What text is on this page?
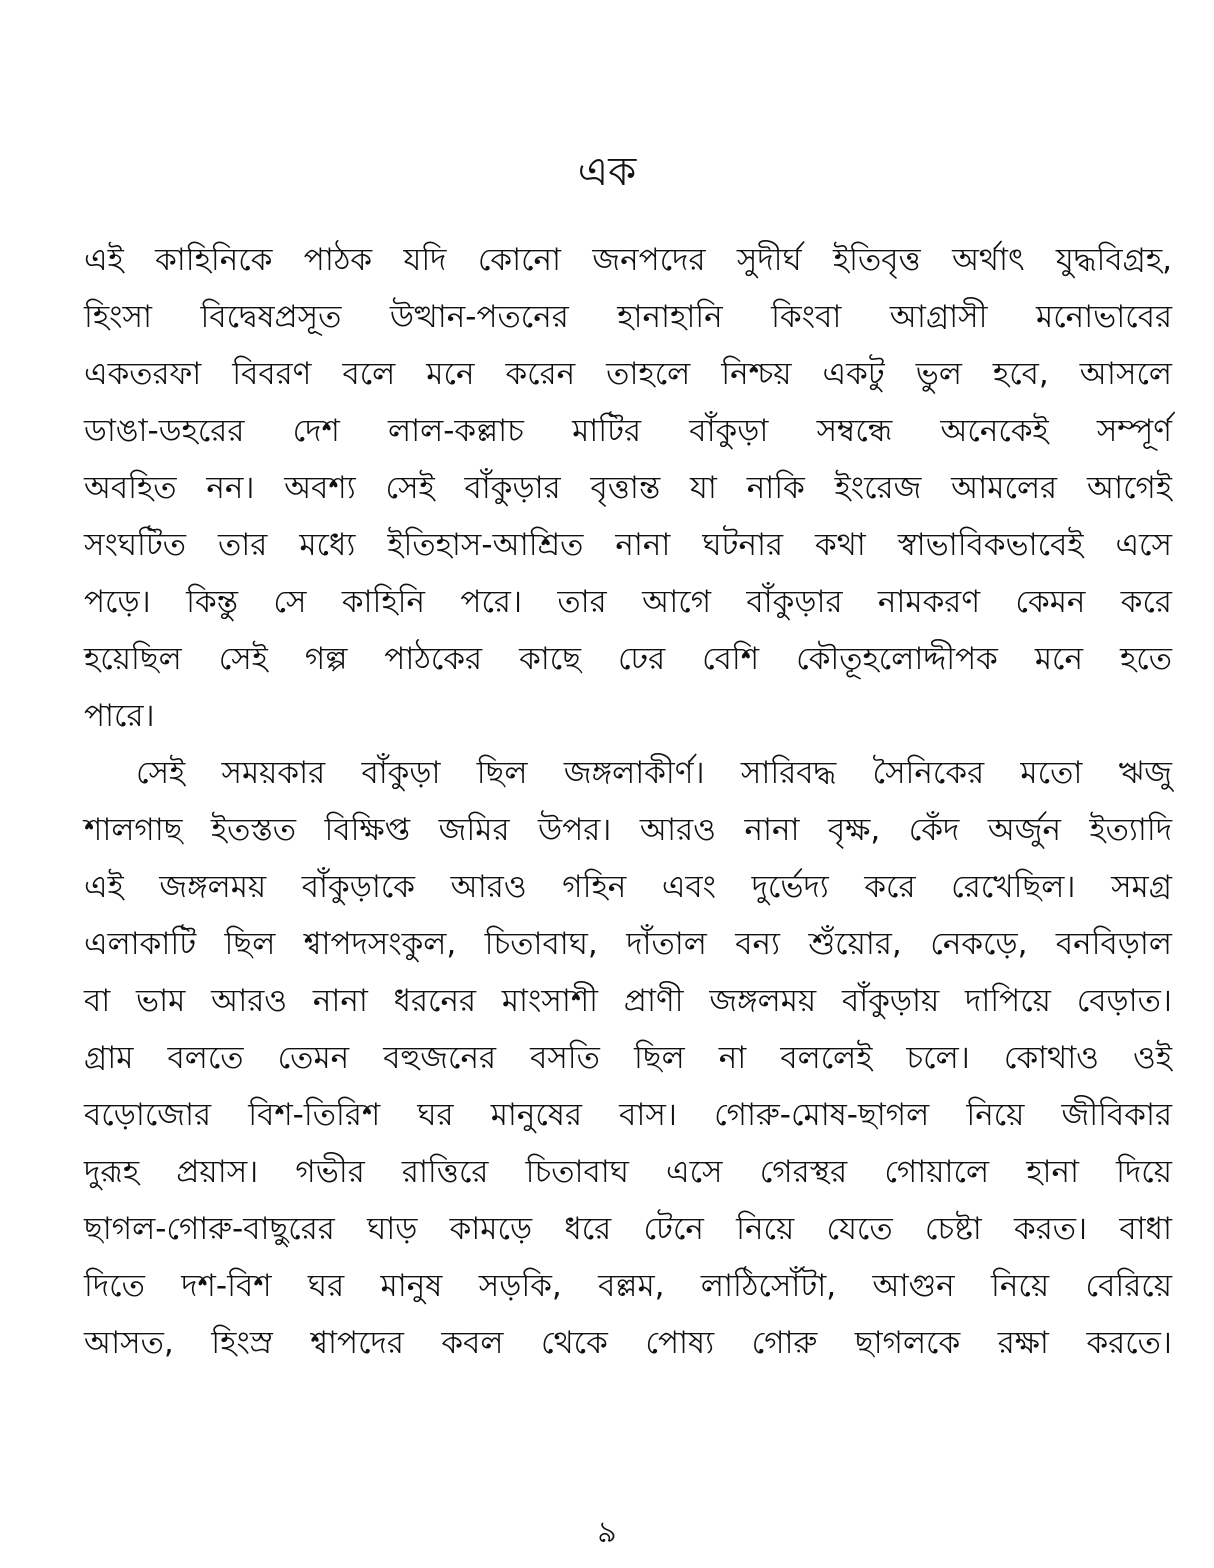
এক
এই কাহিনিকে পাঠক যদি কোনো জনপদের সুদীর্ঘ ইতিবৃত্ত অর্থাৎ যুদ্ধবিগ্রহ,
হিংসা বিদ্বেষপ্রসূত উত্থান-পতনের হানাহানি কিংবা আগ্রাসী মনোভাবের
একতরফা বিবরণ বলে মনে করেন তাহলে নিশ্চয় একটু ভুল হবে, আসলে
ডাঙা-ডহরের দেশ লাল-কল্লাচ মাটির বাঁকুড়া সম্বন্ধে অনেকেই সম্পূর্ণ
অবহিত নন। অবশ্য সেই বাঁকুড়ার বৃত্তান্ত যা নাকি ইংরেজ আমলের আগেই
সংঘটিত তার মধ্যে ইতিহাস-আশ্রিত নানা ঘটনার কথা স্বাভাবিকভাবেই এসে
পড়ে। কিন্তু সে কাহিনি পরে। তার আগে বাঁকুড়ার নামকরণ কেমন করে
হয়েছিল সেই গল্প পাঠকের কাছে ঢের বেশি কৌতূহলোদ্দীপক মনে হতে
পারে।
সেই সময়কার বাঁকুড়া ছিল জঙ্গলাকীর্ণ। সারিবদ্ধ সৈনিকের মতো ঋজু
শালগাছ ইতস্তত বিক্ষিপ্ত জমির উপর। আরও নানা বৃক্ষ, কেঁদ অর্জুন ইত্যাদি
এই জঙ্গলময় বাঁকুড়াকে আরও গহিন এবং দুর্ভেদ্য করে রেখেছিল। সমগ্র
এলাকাটি ছিল শ্বাপদসংকুল, চিতাবাঘ, দাঁতাল বন্য শুঁয়োর, নেকড়ে, বনবিড়াল
বা ভাম আরও নানা ধরনের মাংসাশী প্রাণী জঙ্গলময় বাঁকুড়ায় দাপিয়ে বেড়াত।
গ্রাম বলতে তেমন বহুজনের বসতি ছিল না বললেই চলে। কোথাও ওই
বড়োজোর বিশ-তিরিশ ঘর মানুষের বাস। গোরু-মোষ-ছাগল নিয়ে জীবিকার
দুরূহ প্রয়াস। গভীর রাত্তিরে চিতাবাঘ এসে গেরস্থর গোয়ালে হানা দিয়ে
ছাগল-গোরু-বাছুরের ঘাড় কামড়ে ধরে টেনে নিয়ে যেতে চেষ্টা করত। বাধা
দিতে দশ-বিশ ঘর মানুষ সড়কি, বল্লম, লাঠিসোঁটা, আগুন নিয়ে বেরিয়ে
আসত, হিংস্র শ্বাপদের কবল থেকে পোষ্য গোরু ছাগলকে রক্ষা করতে।
৯
